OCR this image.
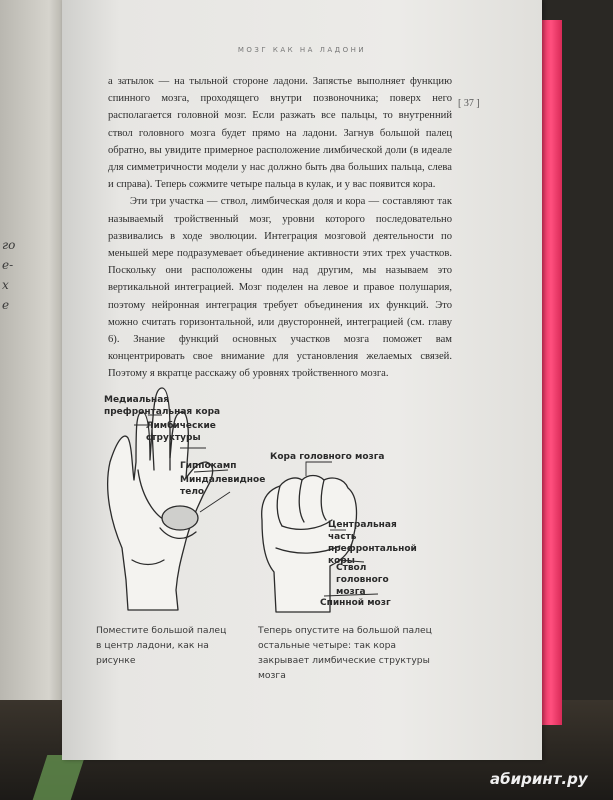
го
е-
х
е
МОЗГ КАК НА ЛАДОНИ
[ 37 ]

а затылок — на тыльной стороне ладони. Запястье выполняет функцию спинного мозга, проходящего внутри позвоночника; поверх него располагается головной мозг. Если разжать все пальцы, то внутренний ствол головного мозга будет прямо на ладони. Загнув большой палец обратно, вы увидите примерное расположение лимбической доли (в идеале для симметричности модели у нас должно быть два больших пальца, слева и справа). Теперь сожмите четыре пальца в кулак, и у вас появится кора.

Эти три участка — ствол, лимбическая доля и кора — составляют так называемый тройственный мозг, уровни которого последовательно развивались в ходе эволюции. Интеграция мозговой деятельности по меньшей мере подразумевает объединение активности этих трех участков. Поскольку они расположены один над другим, мы называем это вертикальной интеграцией. Мозг поделен на левое и правое полушария, поэтому нейронная интеграция требует объединения их функций. Это можно считать горизонтальной, или двусторонней, интеграцией (см. главу 6). Знание функций основных участков мозга поможет вам концентрировать свое внимание для установления желаемых связей. Поэтому я вкратце расскажу об уровнях тройственного мозга.

Медиальная префронтальная кора
Лимбические структуры
Гиппокамп
Миндалевидное тело
Кора головного мозга
Центральная часть префронтальной коры
Ствол головного мозга
Спинной мозг
Поместите большой палец в центр ладони, как на рисунке
Теперь опустите на большой палец остальные четыре: так кора закрывает лимбические структуры мозга
абиринт.ру
